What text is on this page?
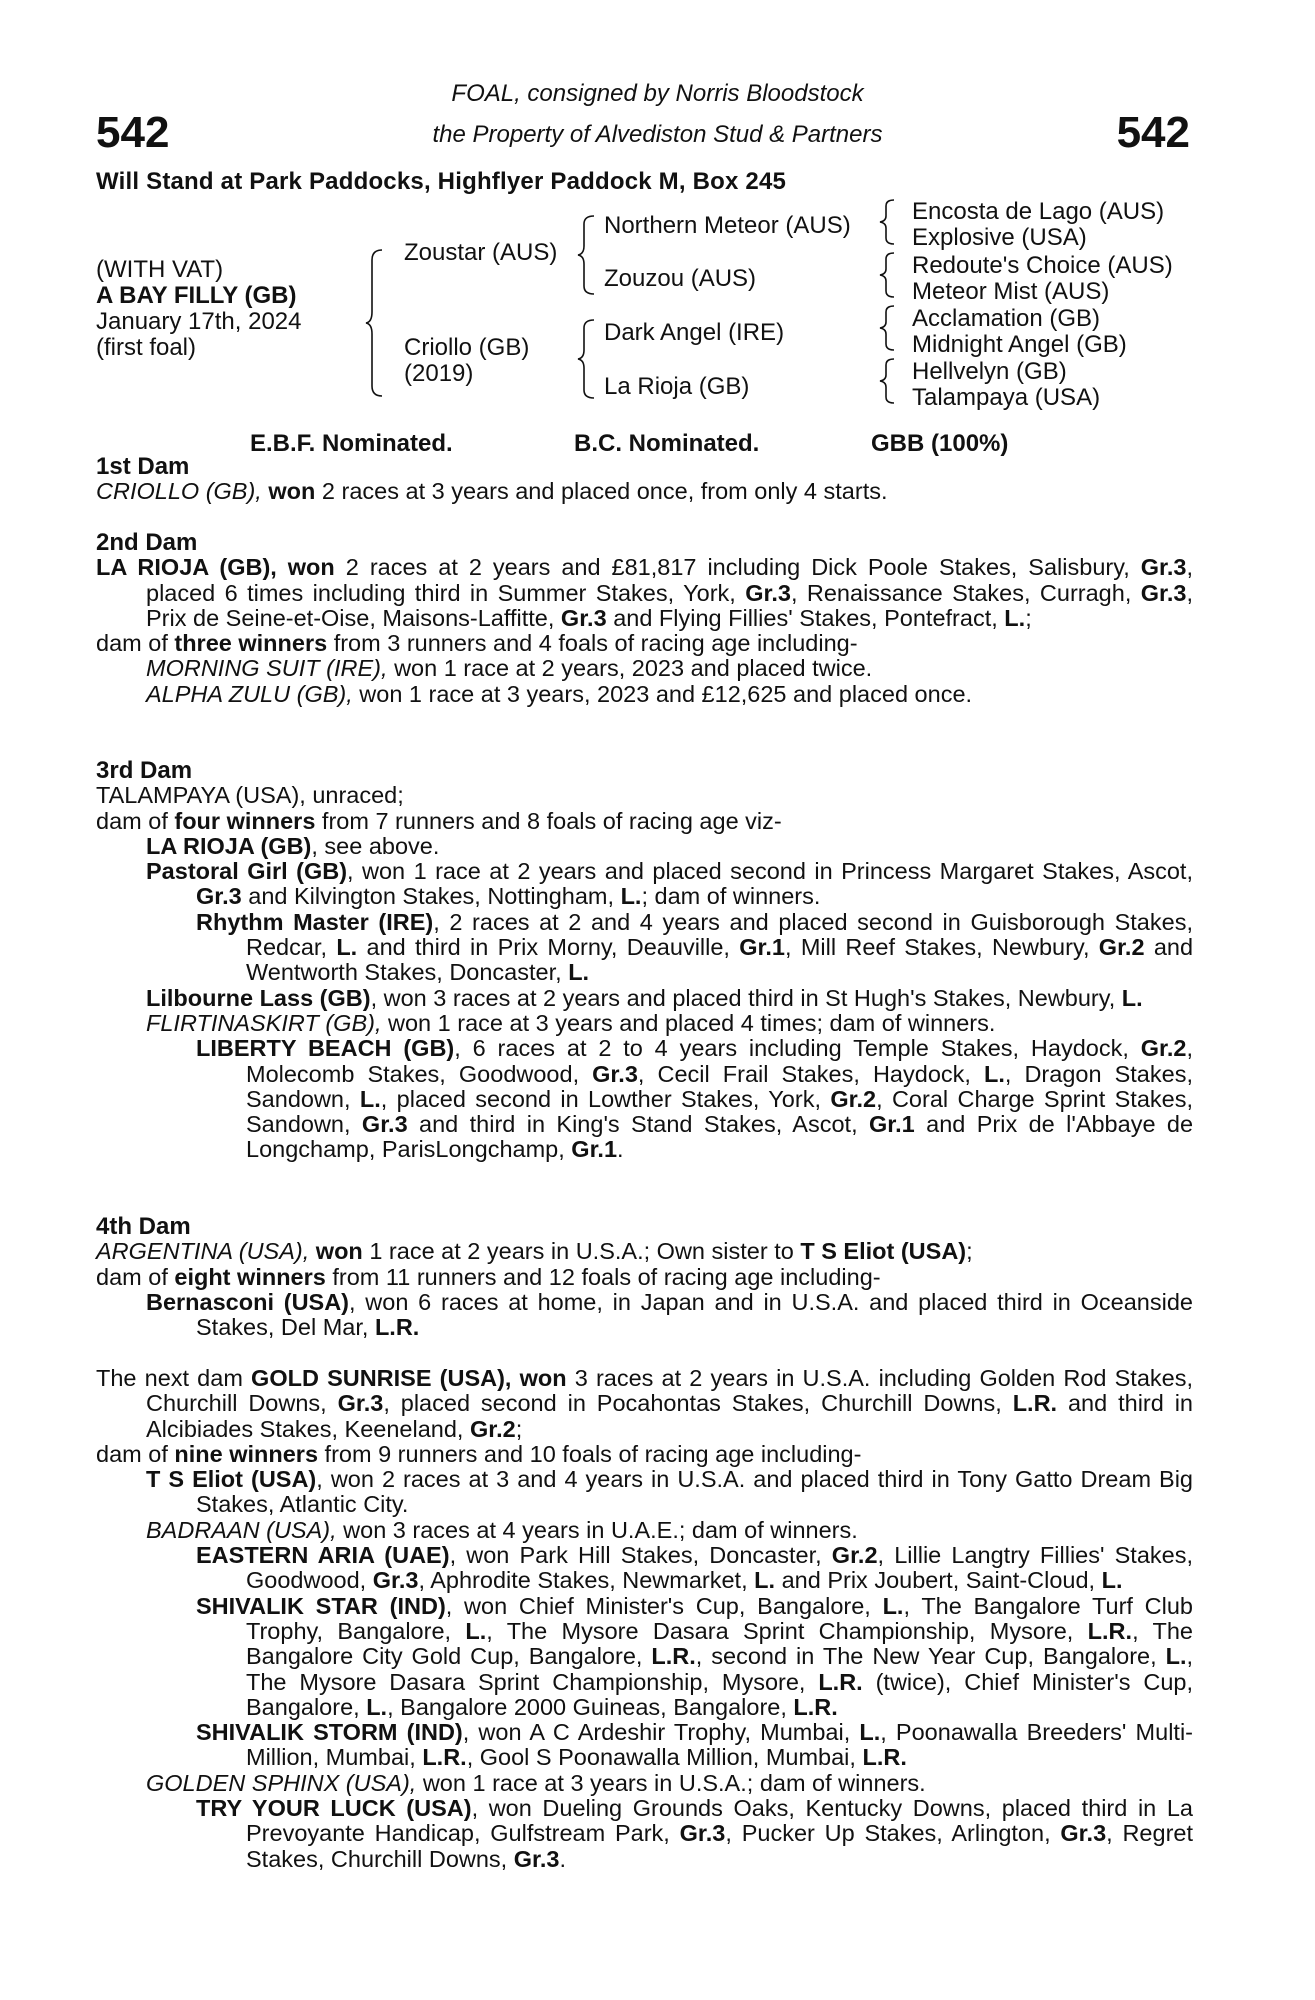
542	542
FOAL, consigned by Norris Bloodstock
the Property of Alvediston Stud & Partners
Will Stand at Park Paddocks, Highflyer Paddock M, Box 245
(WITH VAT)
A BAY FILLY (GB)
January 17th, 2024
(first foal)
Zoustar (AUS)
Criollo (GB)
(2019)
Northern Meteor (AUS)
Zouzou (AUS)
Dark Angel (IRE)
La Rioja (GB)
Encosta de Lago (AUS)
Explosive (USA)
Redoute's Choice (AUS)
Meteor Mist (AUS)
Acclamation (GB)
Midnight Angel (GB)
Hellvelyn (GB)
Talampaya (USA)
E.B.F. Nominated.	B.C. Nominated.	GBB (100%)
1st Dam
CRIOLLO (GB), won 2 races at 3 years and placed once, from only 4 starts.
2nd Dam
LA RIOJA (GB), won 2 races at 2 years and £81,817 including Dick Poole Stakes, Salisbury, Gr.3, placed 6 times including third in Summer Stakes, York, Gr.3, Renaissance Stakes, Curragh, Gr.3, Prix de Seine-et-Oise, Maisons-Laffitte, Gr.3 and Flying Fillies' Stakes, Pontefract, L.;
dam of three winners from 3 runners and 4 foals of racing age including-
MORNING SUIT (IRE), won 1 race at 2 years, 2023 and placed twice.
ALPHA ZULU (GB), won 1 race at 3 years, 2023 and £12,625 and placed once.
3rd Dam
TALAMPAYA (USA), unraced;
dam of four winners from 7 runners and 8 foals of racing age viz-
LA RIOJA (GB), see above.
Pastoral Girl (GB), won 1 race at 2 years and placed second in Princess Margaret Stakes, Ascot, Gr.3 and Kilvington Stakes, Nottingham, L.; dam of winners.
Rhythm Master (IRE), 2 races at 2 and 4 years and placed second in Guisborough Stakes, Redcar, L. and third in Prix Morny, Deauville, Gr.1, Mill Reef Stakes, Newbury, Gr.2 and Wentworth Stakes, Doncaster, L.
Lilbourne Lass (GB), won 3 races at 2 years and placed third in St Hugh's Stakes, Newbury, L.
FLIRTINASKIRT (GB), won 1 race at 3 years and placed 4 times; dam of winners.
LIBERTY BEACH (GB), 6 races at 2 to 4 years including Temple Stakes, Haydock, Gr.2, Molecomb Stakes, Goodwood, Gr.3, Cecil Frail Stakes, Haydock, L., Dragon Stakes, Sandown, L., placed second in Lowther Stakes, York, Gr.2, Coral Charge Sprint Stakes, Sandown, Gr.3 and third in King's Stand Stakes, Ascot, Gr.1 and Prix de l'Abbaye de Longchamp, ParisLongchamp, Gr.1.
4th Dam
ARGENTINA (USA), won 1 race at 2 years in U.S.A.; Own sister to T S Eliot (USA);
dam of eight winners from 11 runners and 12 foals of racing age including-
Bernasconi (USA), won 6 races at home, in Japan and in U.S.A. and placed third in Oceanside Stakes, Del Mar, L.R.
The next dam GOLD SUNRISE (USA), won 3 races at 2 years in U.S.A. including Golden Rod Stakes, Churchill Downs, Gr.3, placed second in Pocahontas Stakes, Churchill Downs, L.R. and third in Alcibiades Stakes, Keeneland, Gr.2;
dam of nine winners from 9 runners and 10 foals of racing age including-
T S Eliot (USA), won 2 races at 3 and 4 years in U.S.A. and placed third in Tony Gatto Dream Big Stakes, Atlantic City.
BADRAAN (USA), won 3 races at 4 years in U.A.E.; dam of winners.
EASTERN ARIA (UAE), won Park Hill Stakes, Doncaster, Gr.2, Lillie Langtry Fillies' Stakes, Goodwood, Gr.3, Aphrodite Stakes, Newmarket, L. and Prix Joubert, Saint-Cloud, L.
SHIVALIK STAR (IND), won Chief Minister's Cup, Bangalore, L., The Bangalore Turf Club Trophy, Bangalore, L., The Mysore Dasara Sprint Championship, Mysore, L.R., The Bangalore City Gold Cup, Bangalore, L.R., second in The New Year Cup, Bangalore, L., The Mysore Dasara Sprint Championship, Mysore, L.R. (twice), Chief Minister's Cup, Bangalore, L., Bangalore 2000 Guineas, Bangalore, L.R.
SHIVALIK STORM (IND), won A C Ardeshir Trophy, Mumbai, L., Poonawalla Breeders' Multi-Million, Mumbai, L.R., Gool S Poonawalla Million, Mumbai, L.R.
GOLDEN SPHINX (USA), won 1 race at 3 years in U.S.A.; dam of winners.
TRY YOUR LUCK (USA), won Dueling Grounds Oaks, Kentucky Downs, placed third in La Prevoyante Handicap, Gulfstream Park, Gr.3, Pucker Up Stakes, Arlington, Gr.3, Regret Stakes, Churchill Downs, Gr.3.
